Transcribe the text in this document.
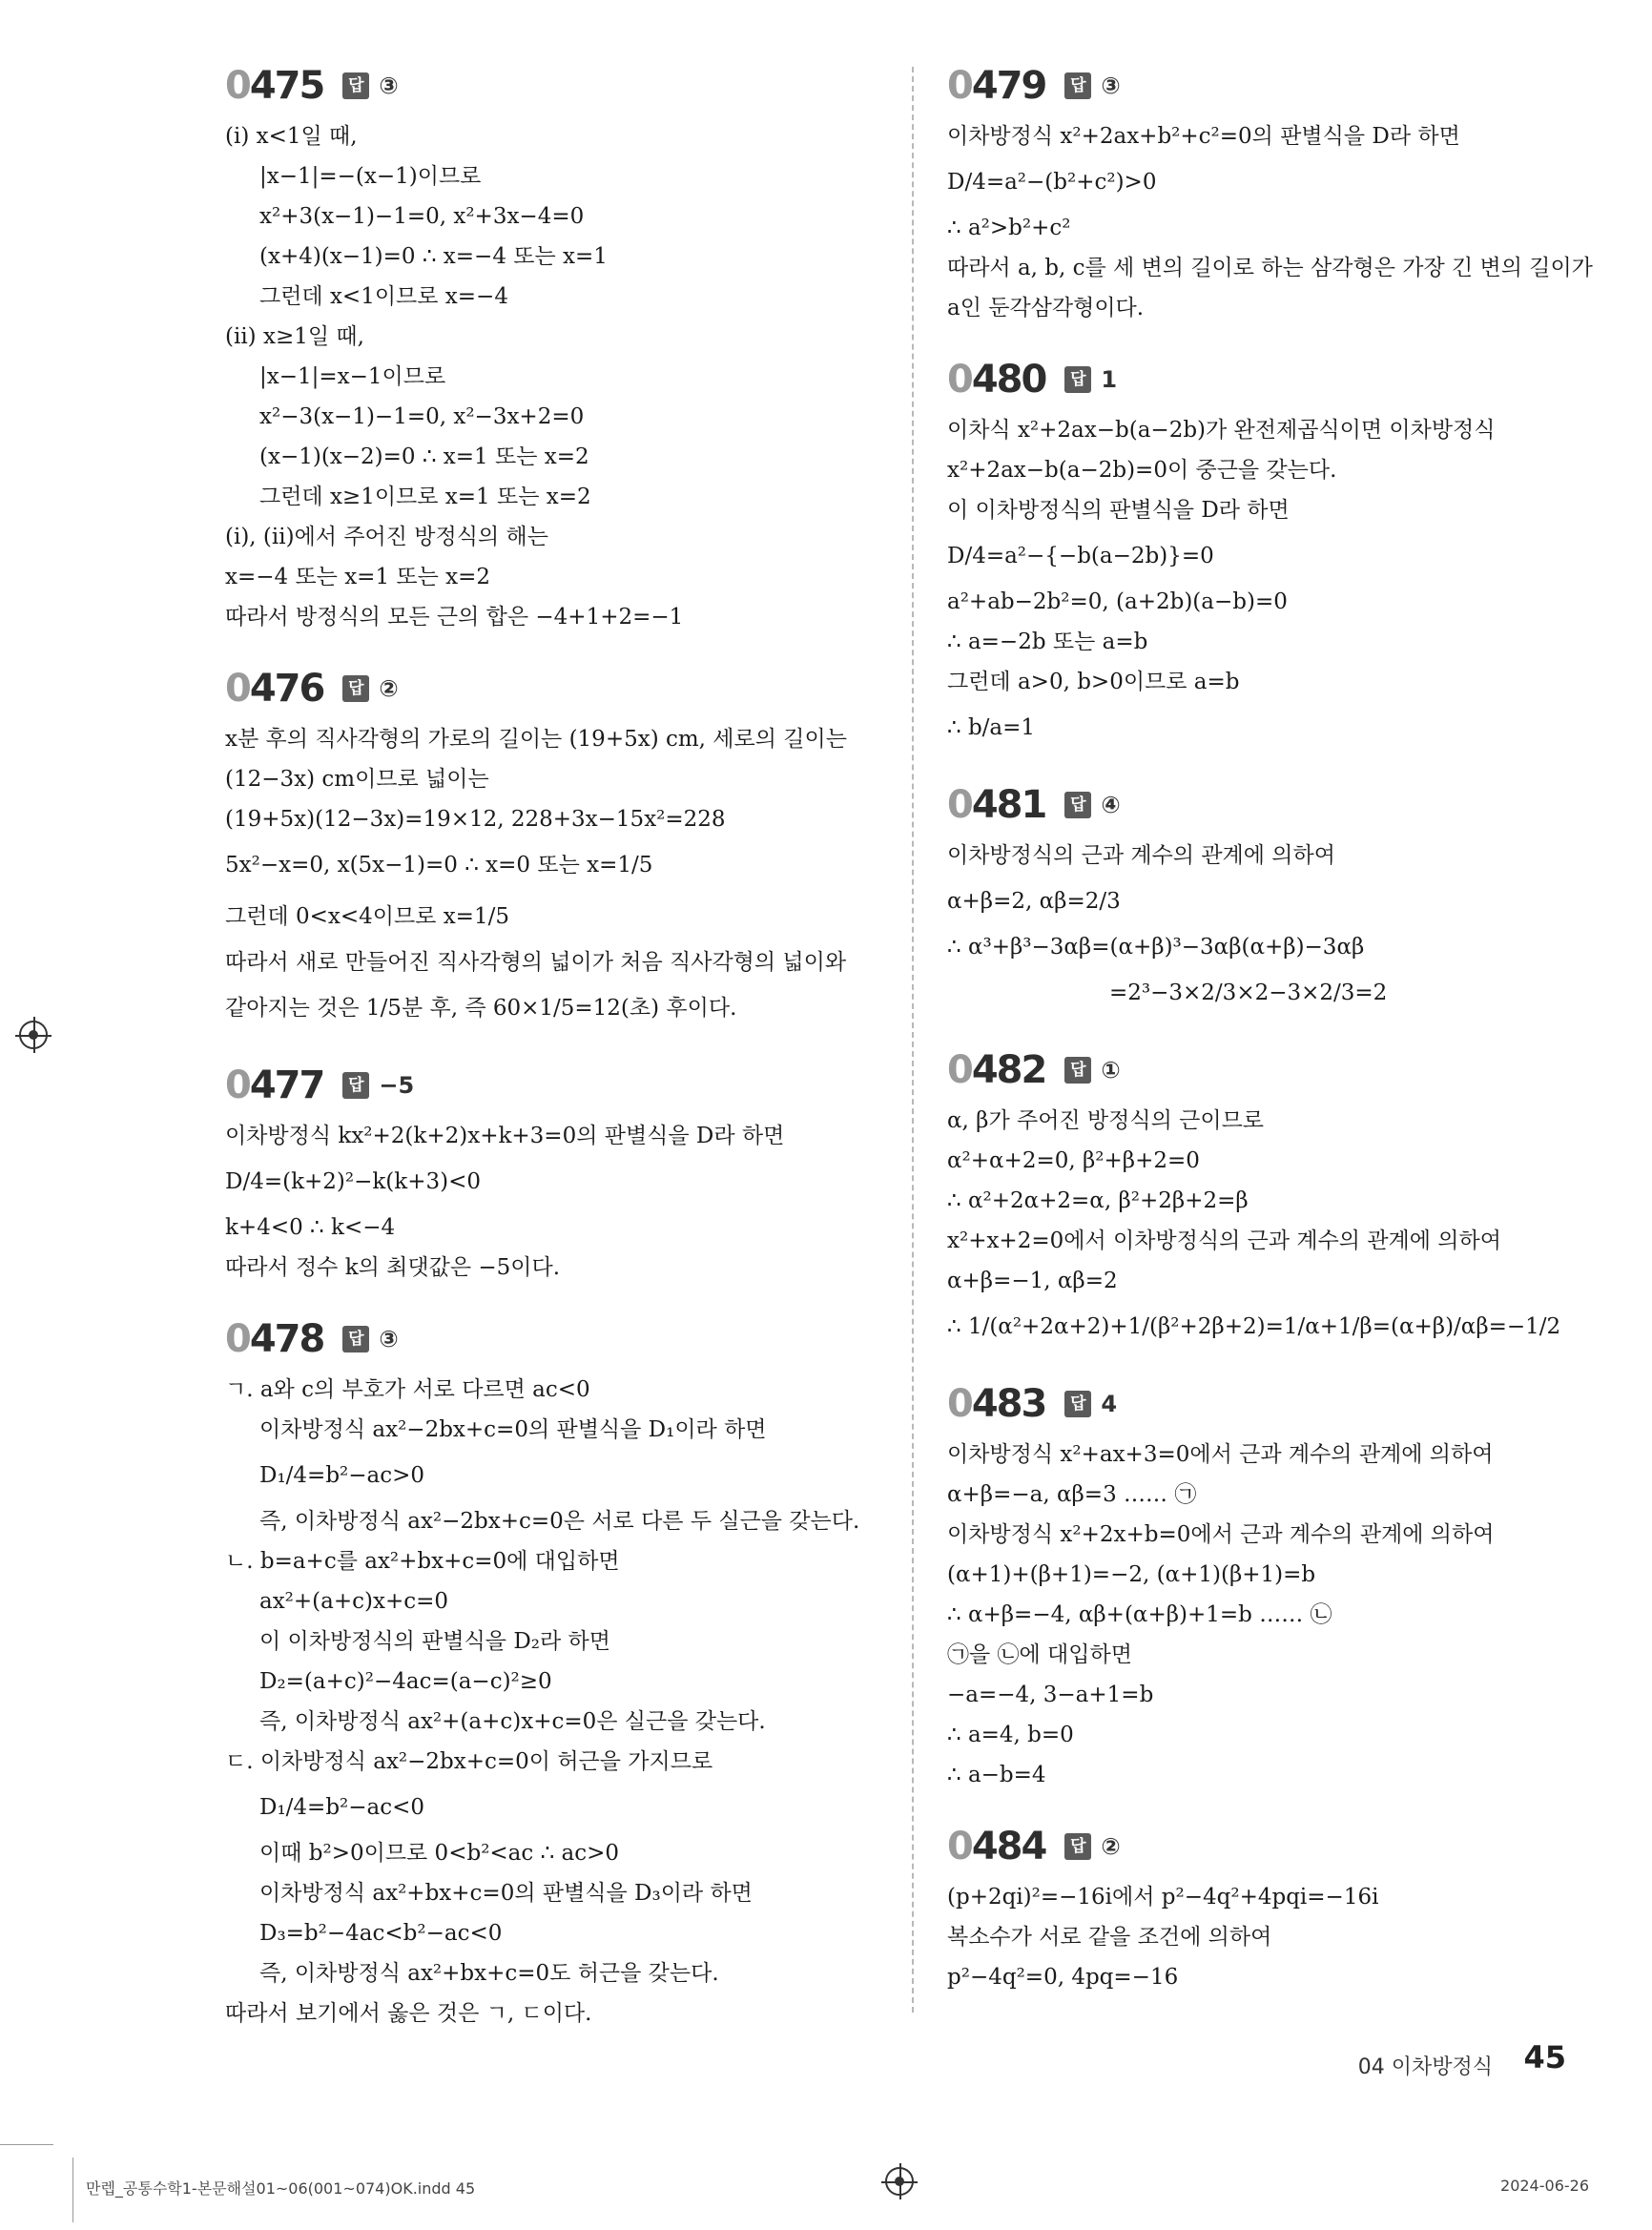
0475	답 ③
(ⅰ) x<1일 때,
|x−1|=−(x−1)이므로
x²+3(x−1)−1=0, x²+3x−4=0
(x+4)(x−1)=0 ∴ x=−4 또는 x=1
그런데 x<1이므로 x=−4
(ⅱ) x≥1일 때,
|x−1|=x−1이므로
x²−3(x−1)−1=0, x²−3x+2=0
(x−1)(x−2)=0 ∴ x=1 또는 x=2
그런데 x≥1이므로 x=1 또는 x=2
(ⅰ), (ⅱ)에서 주어진 방정식의 해는
x=−4 또는 x=1 또는 x=2
따라서 방정식의 모든 근의 합은 −4+1+2=−1
0476	답 ②
x분 후의 직사각형의 가로의 길이는 (19+5x) cm, 세로의 길이는
(12−3x) cm이므로 넓이는
(19+5x)(12−3x)=19×12, 228+3x−15x²=228
5x²−x=0, x(5x−1)=0 ∴ x=0 또는 x=1/5
그런데 0<x<4이므로 x=1/5
따라서 새로 만들어진 직사각형의 넓이가 처음 직사각형의 넓이와
같아지는 것은 1/5분 후, 즉 60×1/5=12(초) 후이다.
0477	답 −5
이차방정식 kx²+2(k+2)x+k+3=0의 판별식을 D라 하면
D/4=(k+2)²−k(k+3)<0
k+4<0 ∴ k<−4
따라서 정수 k의 최댓값은 −5이다.
0478	답 ③
ㄱ. a와 c의 부호가 서로 다르면 ac<0
이차방정식 ax²−2bx+c=0의 판별식을 D₁이라 하면
D₁/4=b²−ac>0
즉, 이차방정식 ax²−2bx+c=0은 서로 다른 두 실근을 갖는다.
ㄴ. b=a+c를 ax²+bx+c=0에 대입하면
ax²+(a+c)x+c=0
이 이차방정식의 판별식을 D₂라 하면
D₂=(a+c)²−4ac=(a−c)²≥0
즉, 이차방정식 ax²+(a+c)x+c=0은 실근을 갖는다.
ㄷ. 이차방정식 ax²−2bx+c=0이 허근을 가지므로
D₁/4=b²−ac<0
이때 b²>0이므로 0<b²<ac ∴ ac>0
이차방정식 ax²+bx+c=0의 판별식을 D₃이라 하면
D₃=b²−4ac<b²−ac<0
즉, 이차방정식 ax²+bx+c=0도 허근을 갖는다.
따라서 보기에서 옳은 것은 ㄱ, ㄷ이다.
0479	답 ③
이차방정식 x²+2ax+b²+c²=0의 판별식을 D라 하면
D/4=a²−(b²+c²)>0
∴ a²>b²+c²
따라서 a, b, c를 세 변의 길이로 하는 삼각형은 가장 긴 변의 길이가
a인 둔각삼각형이다.
0480	답 1
이차식 x²+2ax−b(a−2b)가 완전제곱식이면 이차방정식
x²+2ax−b(a−2b)=0이 중근을 갖는다.
이 이차방정식의 판별식을 D라 하면
D/4=a²−{−b(a−2b)}=0
a²+ab−2b²=0, (a+2b)(a−b)=0
∴ a=−2b 또는 a=b
그런데 a>0, b>0이므로 a=b
∴ b/a=1
0481	답 ④
이차방정식의 근과 계수의 관계에 의하여
α+β=2, αβ=2/3
∴ α³+β³−3αβ=(α+β)³−3αβ(α+β)−3αβ
=2³−3×2/3×2−3×2/3=2
0482	답 ①
α, β가 주어진 방정식의 근이므로
α²+α+2=0, β²+β+2=0
∴ α²+2α+2=α, β²+2β+2=β
x²+x+2=0에서 이차방정식의 근과 계수의 관계에 의하여
α+β=−1, αβ=2
∴ 1/(α²+2α+2)+1/(β²+2β+2)=1/α+1/β=(α+β)/αβ=−1/2
0483	답 4
이차방정식 x²+ax+3=0에서 근과 계수의 관계에 의하여
α+β=−a, αβ=3 …… ㉠
이차방정식 x²+2x+b=0에서 근과 계수의 관계에 의하여
(α+1)+(β+1)=−2, (α+1)(β+1)=b
∴ α+β=−4, αβ+(α+β)+1=b …… ㉡
㉠을 ㉡에 대입하면
−a=−4, 3−a+1=b
∴ a=4, b=0
∴ a−b=4
0484	답 ②
(p+2qi)²=−16i에서 p²−4q²+4pqi=−16i
복소수가 서로 같을 조건에 의하여
p²−4q²=0, 4pq=−16
04 이차방정식 45
만렙_공통수학1-본문해설01~06(001~074)OK.indd 45	2024-06-26
